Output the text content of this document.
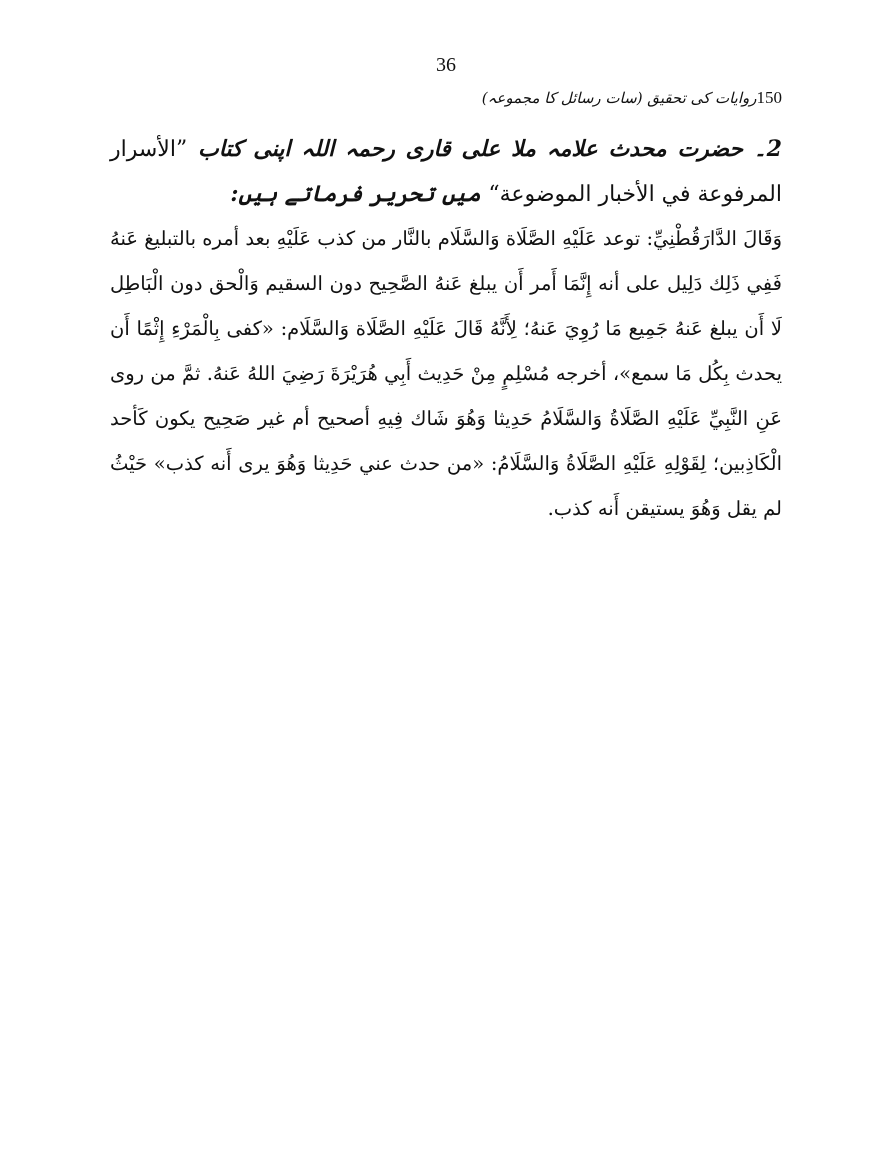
36
150روایات کی تحقیق (سات رسائل کا مجموعہ)
2۔ حضرت محدث علامہ ملا علی قاری رحمہ اللہ اپنی کتاب ”الأسرار المرفوعة في الأخبار الموضوعة“ میں تحریر فرماتے ہیں:

وَقَالَ الدَّارَقُطْنِيِّ: توعد عَلَيْهِ الصَّلَاة وَالسَّلَام بالنَّار من كذب عَلَيْهِ بعد أمره بالتبليغ عَنهُ فَفِي ذَلِك دَلِيل على أنه إِنَّمَا أَمر أَن يبلغ عَنهُ الصَّحِيح دون السقيم وَالْحق دون الْبَاطِل لَا أَن يبلغ عَنهُ جَمِيع مَا رُوِيَ عَنهُ؛ لِأَنَّهُ قَالَ عَلَيْهِ الصَّلَاة وَالسَّلَام: «كفى بِالْمَرْءِ إِثْمًا أَن يحدث بِكُل مَا سمع»، أخرجه مُسْلِمٍ مِنْ حَدِيث أَبِي هُرَيْرَةَ رَضِيَ اللهُ عَنهُ. ثمَّ من روى عَنِ النَّبِيِّ عَلَيْهِ الصَّلَاةُ وَالسَّلَامُ حَدِيثا وَهُوَ شَاك فِيهِ أصحيح أم غير صَحِيح يكون كَأحد الْكَاذِبين؛ لِقَوْلِهِ عَلَيْهِ الصَّلَاةُ وَالسَّلَامُ: «من حدث عني حَدِيثا وَهُوَ يرى أَنه كذب» حَيْثُ لم يقل وَهُوَ يستيقن أَنه كذب.
